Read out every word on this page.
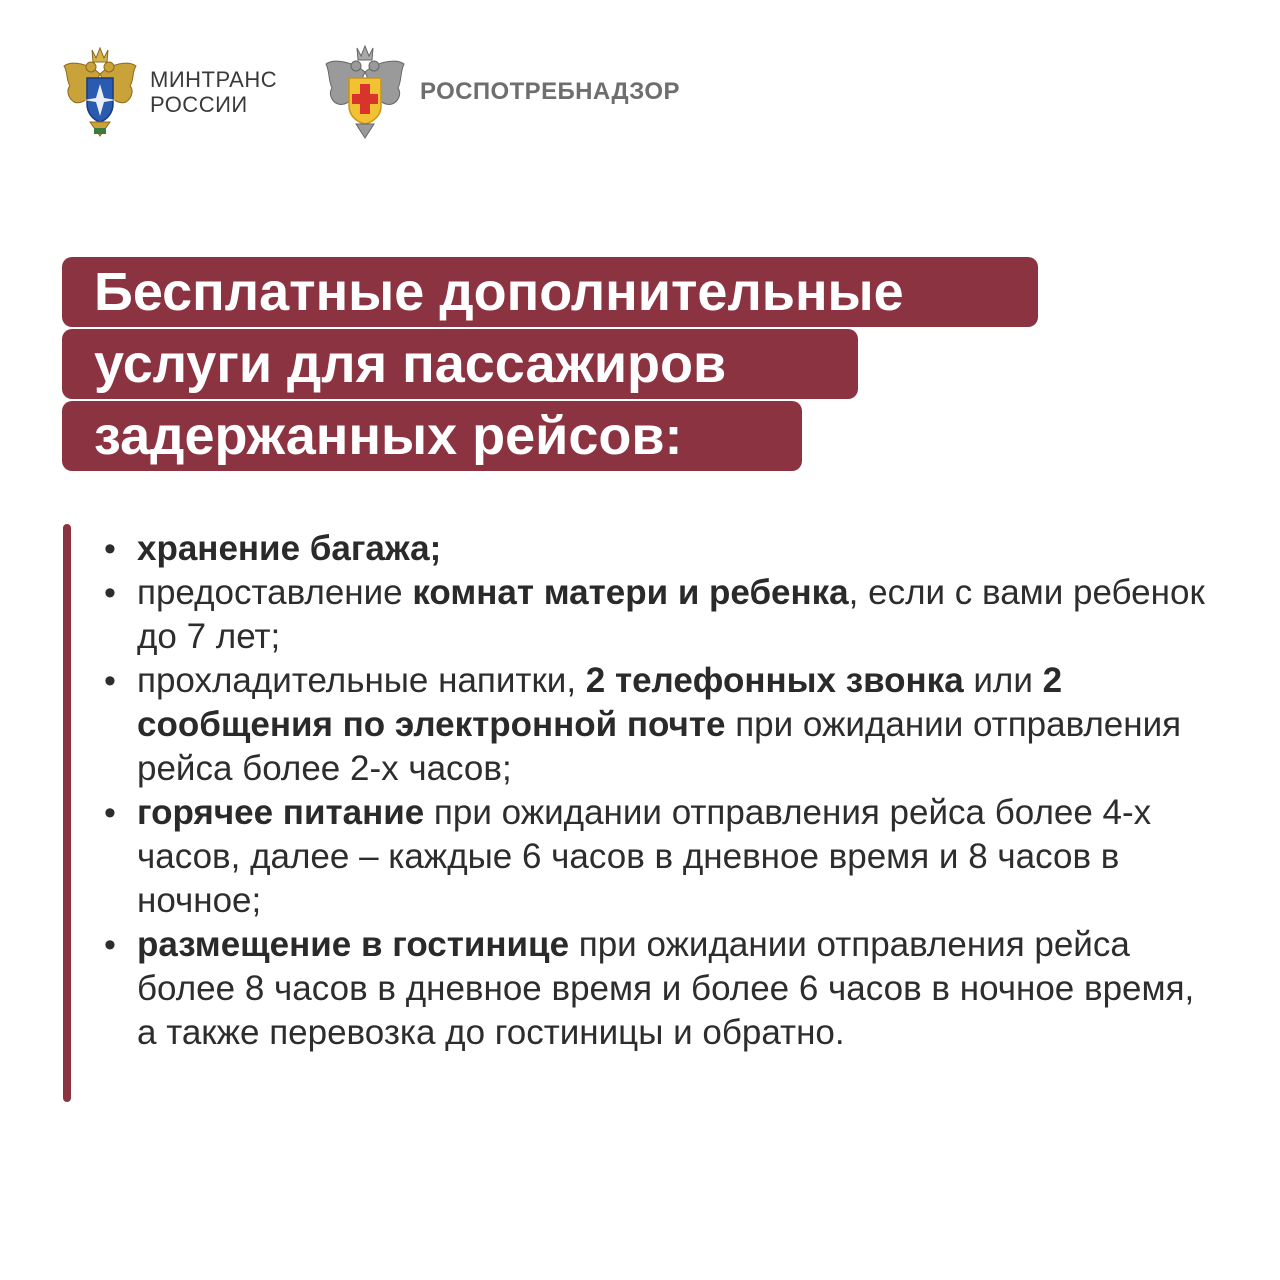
МИНТРАНС
РОССИИ	РОСПОТРЕБНАДЗОР
Бесплатные дополнительные
услуги для пассажиров
задержанных рейсов:
• хранение багажа;
• предоставление комнат матери и ребенка, если с вами ребенок до 7 лет;
• прохладительные напитки, 2 телефонных звонка или 2 сообщения по электронной почте при ожидании отправления рейса более 2-х часов;
• горячее питание при ожидании отправления рейса более 4-х часов, далее – каждые 6 часов в дневное время и 8 часов в ночное;
• размещение в гостинице при ожидании отправления рейса более 8 часов в дневное время и более 6 часов в ночное время, а также перевозка до гостиницы и обратно.
